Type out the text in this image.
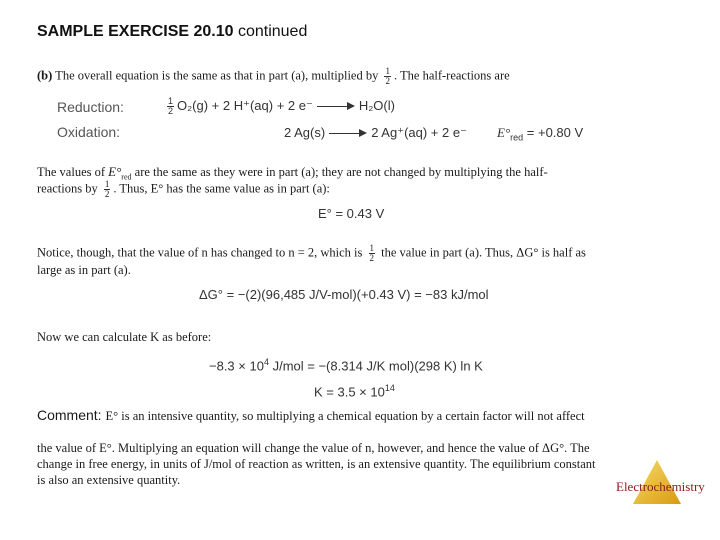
SAMPLE EXERCISE 20.10 continued
(b) The overall equation is the same as that in part (a), multiplied by $\frac{1}{2}$ . The half-reactions are
Reduction:	$\frac{1}{2} O_2(g) + 2$ H⁺(aq) + 2 e⁻	H₂O(l)
Oxidation:	2 Ag(s)	2 Ag⁺(aq) + 2 e⁻ $E^\circ_{red} = +0.80$ V
The values of $E^\circ_{red}$ are the same as they were in part (a); they are not changed by multiplying the half-
reactions by $\frac{1}{2}$ . Thus, E° has the same value as in part (a):
E° = 0.43 V
Notice, though, that the value of n has changed to n = 2, which is $\frac{1}{2}$ the value in part (a). Thus, ΔG° is half as
large as in part (a).
ΔG° = −(2)(96,485 J/V-mol)(+0.43 V) = −83 kJ/mol
Now we can calculate K as before:
$-8.3 \times 10^4$ J/mol = −(8.314 J/K mol)(298 K) ln K
$K = 3.5 \times 10^{14}$
Comment: E° is an intensive quantity, so multiplying a chemical equation by a certain factor will not affect
the value of E°. Multiplying an equation will change the value of n, however, and hence the value of ΔG°. The
change in free energy, in units of J/mol of reaction as written, is an extensive quantity. The equilibrium constant
is also an extensive quantity.	Electrochemistry
